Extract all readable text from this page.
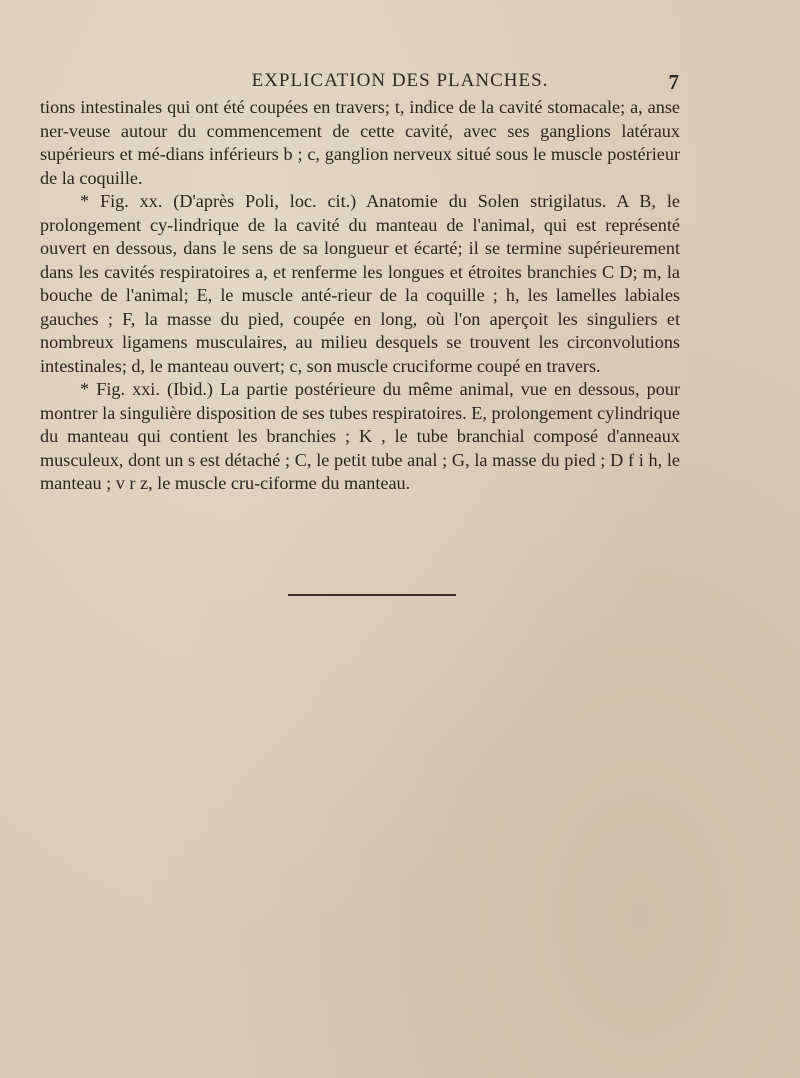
EXPLICATION DES PLANCHES.	7

tions intestinales qui ont été coupées en travers; t, indice de la cavité stomacale; a, anse ner-veuse autour du commencement de cette cavité, avec ses ganglions latéraux supérieurs et mé-dians inférieurs b ; c, ganglion nerveux situé sous le muscle postérieur de la coquille.

* Fig. xx. (D'après Poli, loc. cit.) Anatomie du Solen strigilatus. A B, le prolongement cy-lindrique de la cavité du manteau de l'animal, qui est représenté ouvert en dessous, dans le sens de sa longueur et écarté; il se termine supérieurement dans les cavités respiratoires a, et renferme les longues et étroites branchies C D; m, la bouche de l'animal; E, le muscle anté-rieur de la coquille ; h, les lamelles labiales gauches ; F, la masse du pied, coupée en long, où l'on aperçoit les singuliers et nombreux ligamens musculaires, au milieu desquels se trouvent les circonvolutions intestinales; d, le manteau ouvert; c, son muscle cruciforme coupé en travers.

* Fig. xxi. (Ibid.) La partie postérieure du même animal, vue en dessous, pour montrer la singulière disposition de ses tubes respiratoires. E, prolongement cylindrique du manteau qui contient les branchies ; K , le tube branchial composé d'anneaux musculeux, dont un s est détaché ; C, le petit tube anal ; G, la masse du pied ; D f i h, le manteau ; v r z, le muscle cru-ciforme du manteau.
